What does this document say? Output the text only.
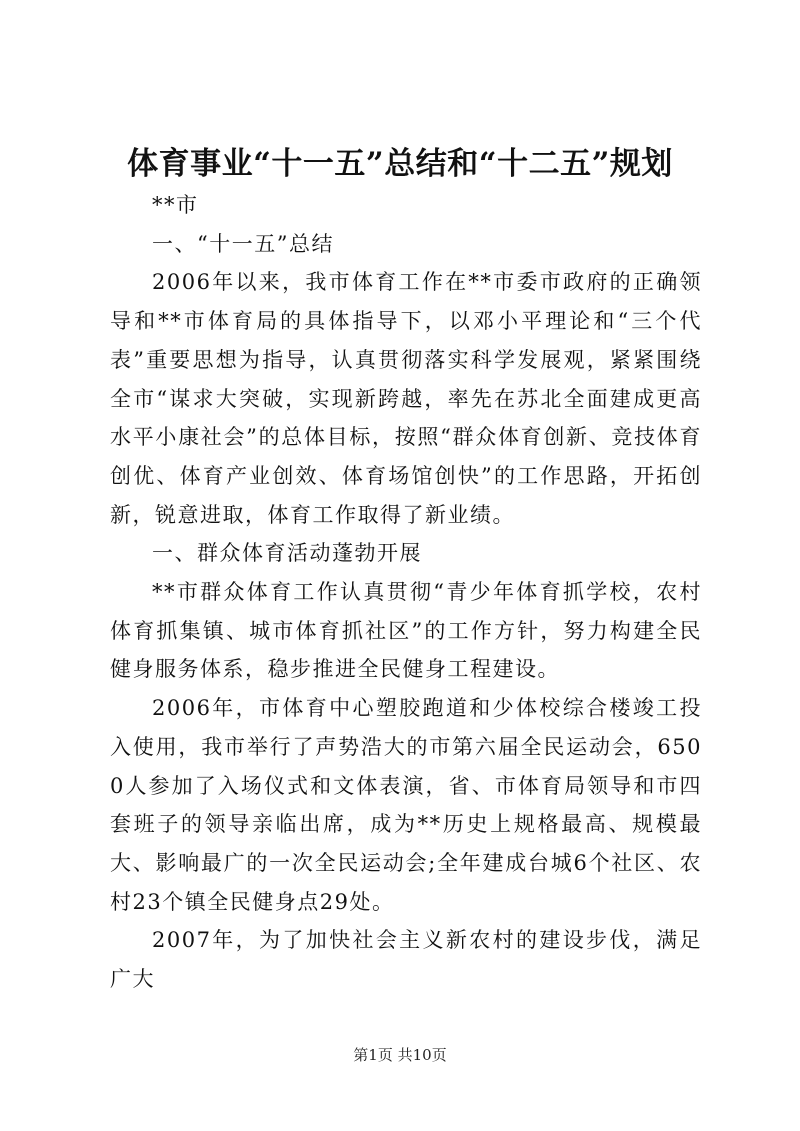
体育事业“十一五”总结和“十二五”规划

**市

一、“十一五”总结

2006年以来，我市体育工作在**市委市政府的正确领导和**市体育局的具体指导下，以邓小平理论和“三个代表”重要思想为指导，认真贯彻落实科学发展观，紧紧围绕全市“谋求大突破，实现新跨越，率先在苏北全面建成更高水平小康社会”的总体目标，按照“群众体育创新、竞技体育创优、体育产业创效、体育场馆创快”的工作思路，开拓创新，锐意进取，体育工作取得了新业绩。

一、群众体育活动蓬勃开展

**市群众体育工作认真贯彻“青少年体育抓学校，农村体育抓集镇、城市体育抓社区”的工作方针，努力构建全民健身服务体系，稳步推进全民健身工程建设。

2006年，市体育中心塑胶跑道和少体校综合楼竣工投入使用，我市举行了声势浩大的市第六届全民运动会，6500人参加了入场仪式和文体表演，省、市体育局领导和市四套班子的领导亲临出席，成为**历史上规格最高、规模最大、影响最广的一次全民运动会;全年建成台城6个社区、农村23个镇全民健身点29处。

2007年，为了加快社会主义新农村的建设步伐，满足广大

第1页 共10页
